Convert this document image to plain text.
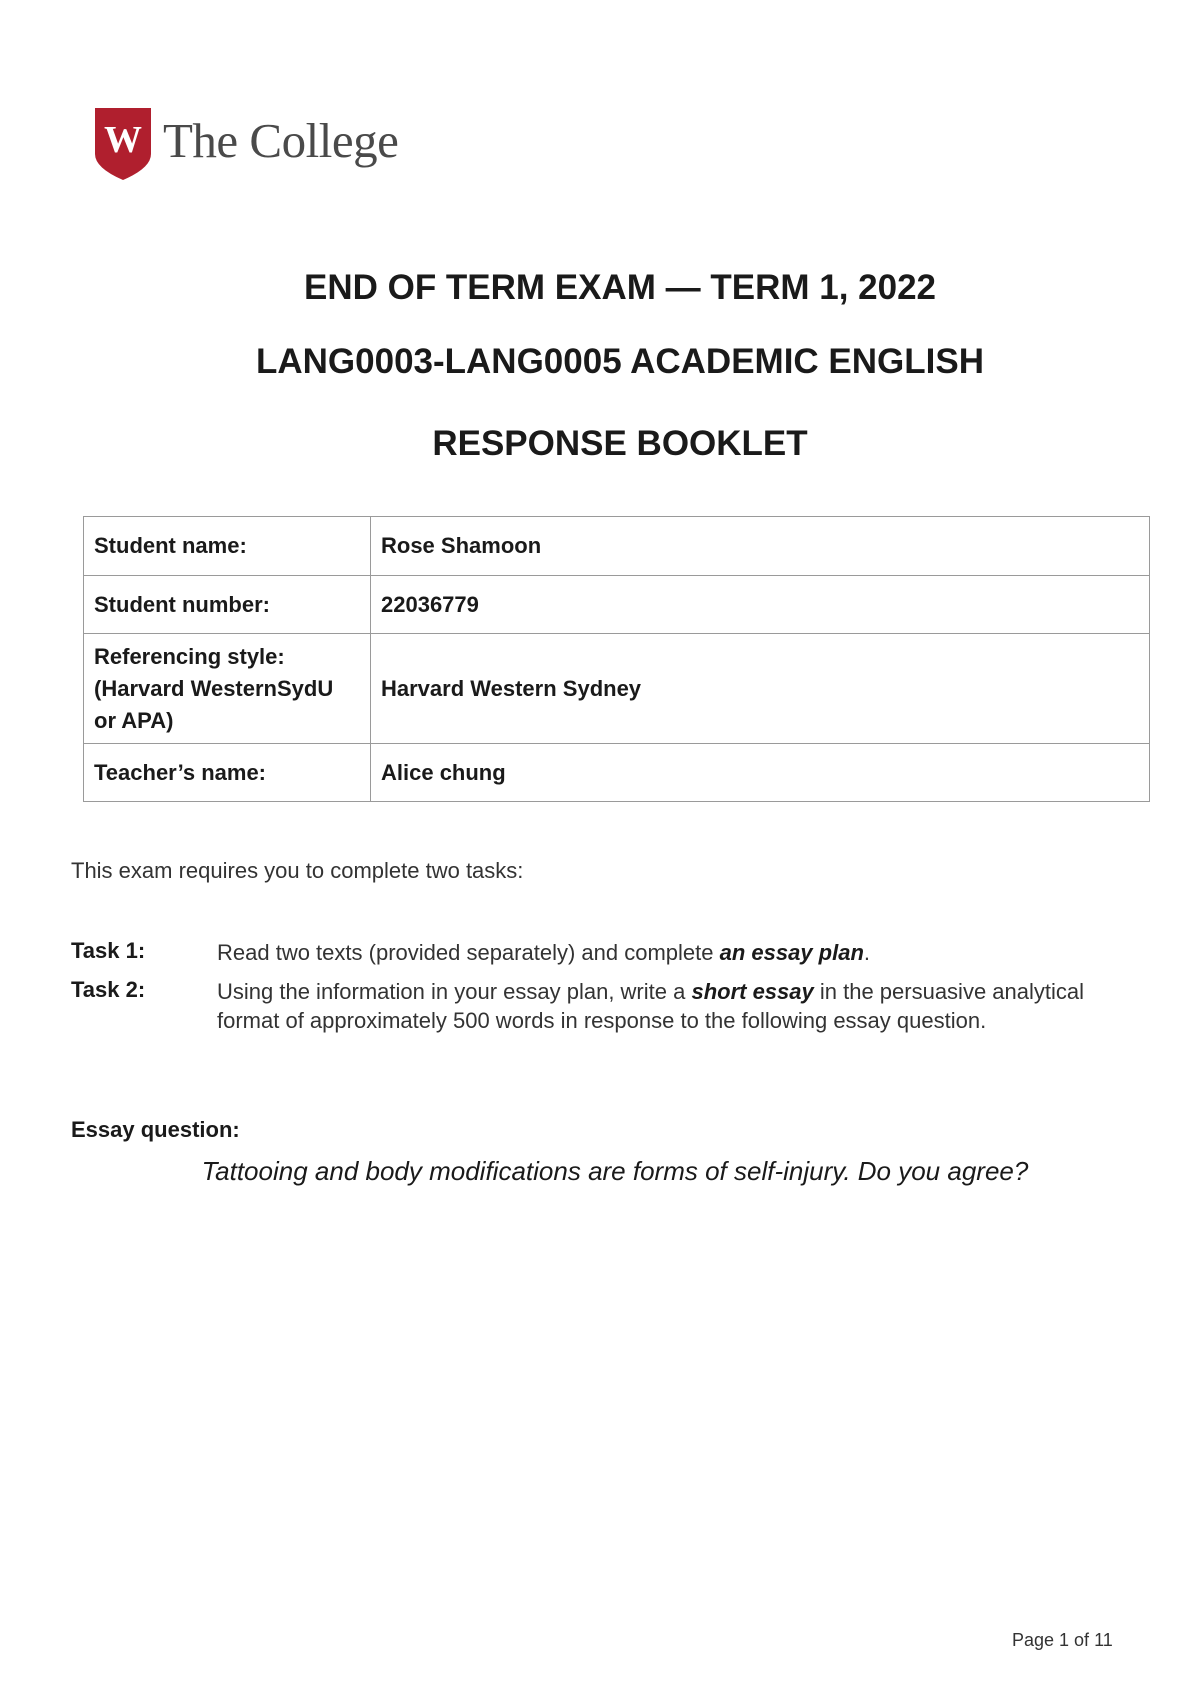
W The College
END OF TERM EXAM — TERM 1, 2022
LANG0003-LANG0005 ACADEMIC ENGLISH
RESPONSE BOOKLET
Student name:	Rose Shamoon
Student number:	22036779

Referencing style:
(Harvard WesternSydU
or APA)	Harvard Western Sydney
Teacher’s name:	Alice chung
This exam requires you to complete two tasks:
Task 1:	Read two texts (provided separately) and complete an essay plan.
Task 2:	Using the information in your essay plan, write a short essay in the persuasive analytical format of approximately 500 words in response to the following essay question.
Essay question:
Tattooing and body modifications are forms of self-injury. Do you agree?
Page 1 of 11
